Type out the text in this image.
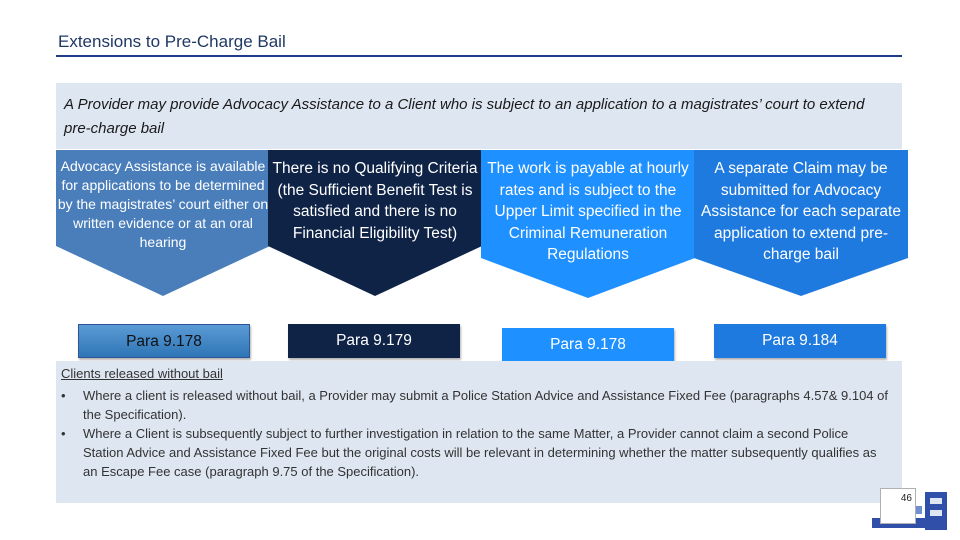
Extensions to Pre-Charge Bail
A Provider may provide Advocacy Assistance to a Client who is subject to an application to a magistrates’ court to extend pre-charge bail
Advocacy Assistance is available for applications to be determined by the magistrates’ court either on written evidence or at an oral hearing
There is no Qualifying Criteria (the Sufficient Benefit Test is satisfied and there is no Financial Eligibility Test)
The work is payable at hourly rates and is subject to the Upper Limit specified in the Criminal Remuneration Regulations
A separate Claim may be submitted for Advocacy Assistance for each separate application to extend pre-charge bail
Para 9.178	Para 9.179	Para 9.178	Para 9.184
Clients released without bail
• Where a client is released without bail, a Provider may submit a Police Station Advice and Assistance Fixed Fee (paragraphs 4.57& 9.104 of the Specification).
• Where a Client is subsequently subject to further investigation in relation to the same Matter, a Provider cannot claim a second Police Station Advice and Assistance Fixed Fee but the original costs will be relevant in determining whether the matter subsequently qualifies as an Escape Fee case (paragraph 9.75 of the Specification).
46
